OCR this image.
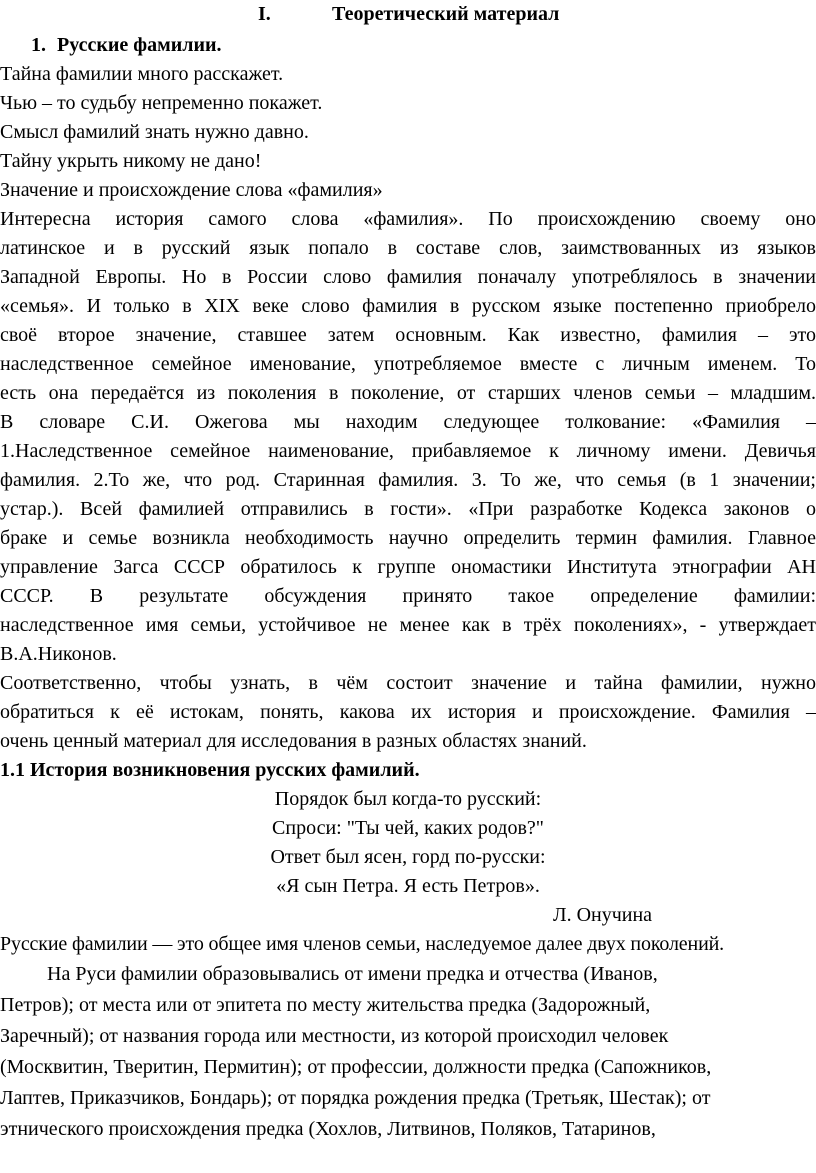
I.	Теоретический материал
1. Русские фамилии.
Тайна фамилии много расскажет.
Чью – то судьбу непременно покажет.
Смысл фамилий знать нужно давно.
Тайну укрыть никому не дано!
Значение и происхождение слова «фамилия»
Интересна история самого слова «фамилия». По происхождению своему оно
латинское и в русский язык попало в составе слов, заимствованных из языков
Западной Европы. Но в России слово фамилия поначалу употреблялось в значении
«семья». И только в XIX веке слово фамилия в русском языке постепенно приобрело
своё второе значение, ставшее затем основным. Как известно, фамилия – это
наследственное семейное именование, употребляемое вместе с личным именем. То
есть она передаётся из поколения в поколение, от старших членов семьи – младшим.
В словаре С.И. Ожегова мы находим следующее толкование: «Фамилия –
1.Наследственное семейное наименование, прибавляемое к личному имени. Девичья
фамилия. 2.То же, что род. Старинная фамилия. 3. То же, что семья (в 1 значении;
устар.). Всей фамилией отправились в гости». «При разработке Кодекса законов о
браке и семье возникла необходимость научно определить термин фамилия. Главное
управление Загса СССР обратилось к группе ономастики Института этнографии АН
СССР. В результате обсуждения принято такое определение фамилии:
наследственное имя семьи, устойчивое не менее как в трёх поколениях», - утверждает
В.А.Никонов.
Соответственно, чтобы узнать, в чём состоит значение и тайна фамилии, нужно
обратиться к её истокам, понять, какова их история и происхождение. Фамилия –
очень ценный материал для исследования в разных областях знаний.
1.1 История возникновения русских фамилий.
Порядок был когда-то русский:
Спроси: "Ты чей, каких родов?"
Ответ был ясен, горд по-русски:
«Я сын Петра. Я есть Петров».
Л. Онучина
Русские фамилии — это общее имя членов семьи, наследуемое далее двух поколений.
На Руси фамилии образовывались от имени предка и отчества (Иванов,
Петров); от места или от эпитета по месту жительства предка (Задорожный,
Заречный); от названия города или местности, из которой происходил человек
(Москвитин, Тверитин, Пермитин); от профессии, должности предка (Сапожников,
Лаптев, Приказчиков, Бондарь); от порядка рождения предка (Третьяк, Шестак); от
этнического происхождения предка (Хохлов, Литвинов, Поляков, Татаринов,
